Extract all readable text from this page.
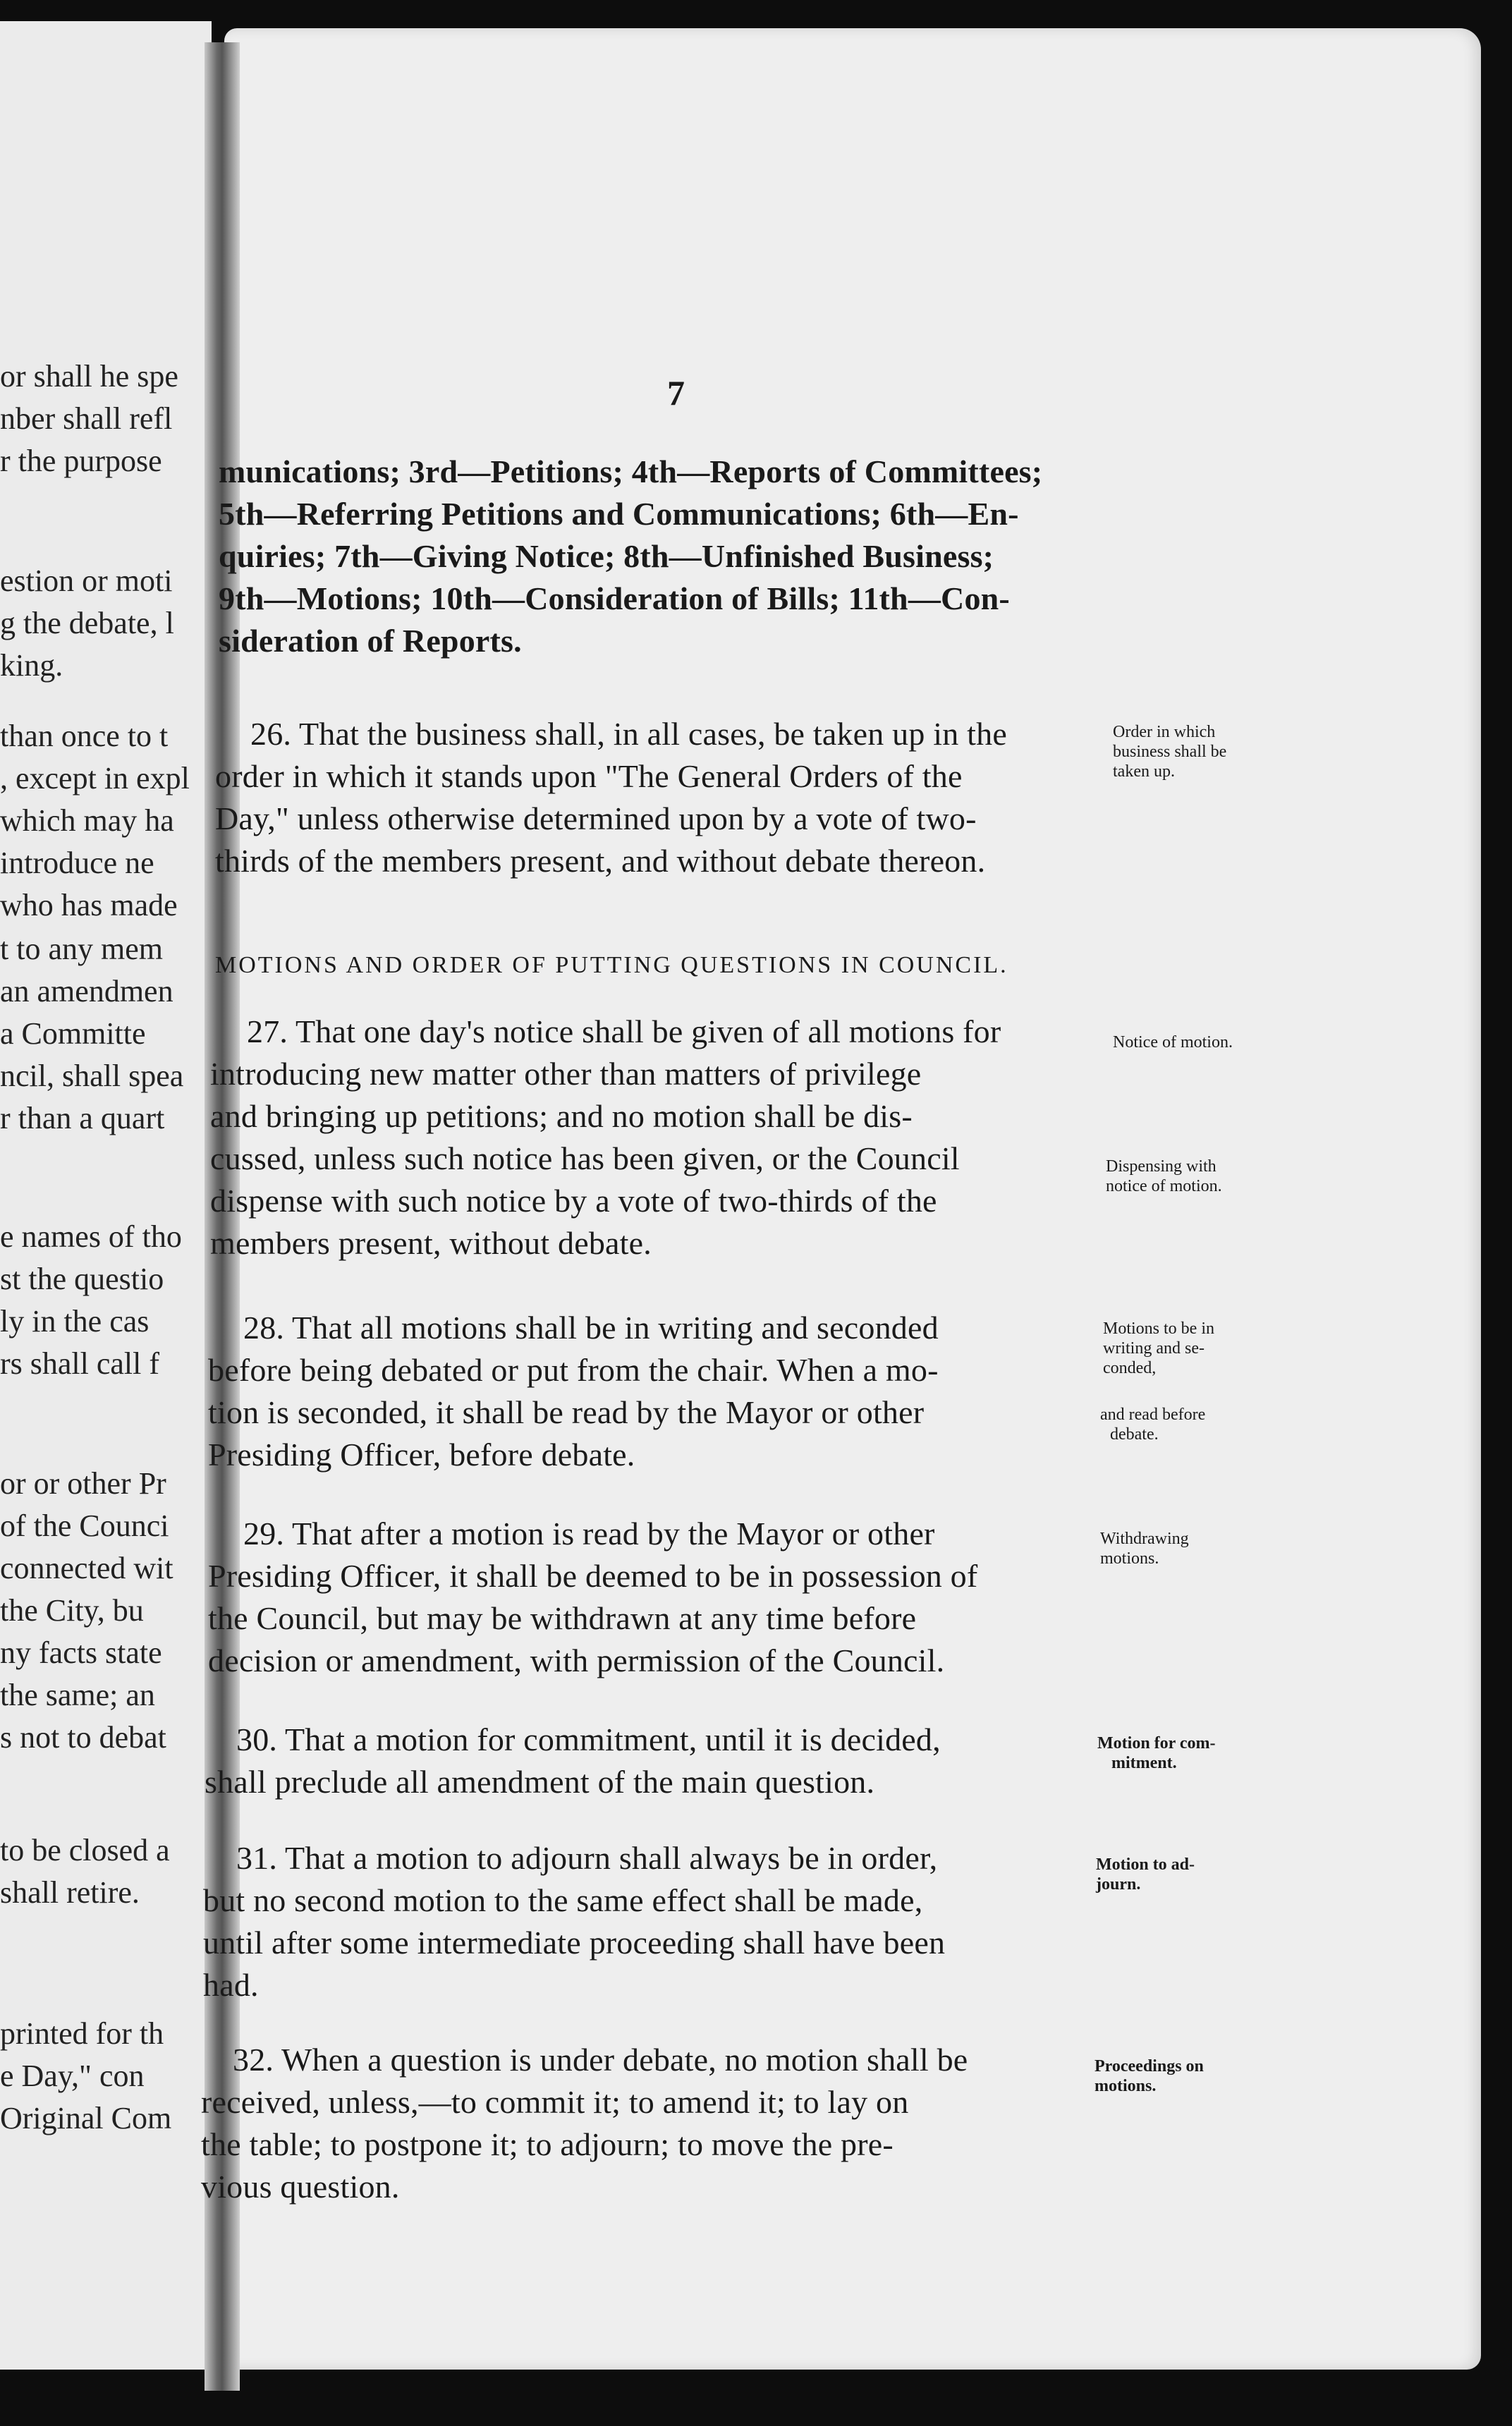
or shall he spe
nber shall refl
r the purpose
estion or moti
g the debate, l
king.
than once to t
, except in expl
which may ha
introduce ne
who has made
t to any mem
an amendmen
a Committe
ncil, shall spea
r than a quart
e names of tho
st the questio
ly in the cas
rs shall call f
or or other Pr
of the Counci
connected wit
the City, bu
ny facts state
the same; an
s not to debat
to be closed a
shall retire.
printed for th
e Day," con
Original Com
7
munications; 3rd—Petitions; 4th—Reports of Committees;
5th—Referring Petitions and Communications; 6th—En-
quiries; 7th—Giving Notice; 8th—Unfinished Business;
9th—Motions; 10th—Consideration of Bills; 11th—Con-
sideration of Reports.
26. That the business shall, in all cases, be taken up in the
order in which it stands upon "The General Orders of the
Day," unless otherwise determined upon by a vote of two-
thirds of the members present, and without debate thereon.
MOTIONS AND ORDER OF PUTTING QUESTIONS IN COUNCIL.
27. That one day's notice shall be given of all motions for
introducing new matter other than matters of privilege
and bringing up petitions; and no motion shall be dis-
cussed, unless such notice has been given, or the Council
dispense with such notice by a vote of two-thirds of the
members present, without debate.
28. That all motions shall be in writing and seconded
before being debated or put from the chair. When a mo-
tion is seconded, it shall be read by the Mayor or other
Presiding Officer, before debate.
29. That after a motion is read by the Mayor or other
Presiding Officer, it shall be deemed to be in possession of
the Council, but may be withdrawn at any time before
decision or amendment, with permission of the Council.
30. That a motion for commitment, until it is decided,
shall preclude all amendment of the main question.
31. That a motion to adjourn shall always be in order,
but no second motion to the same effect shall be made,
until after some intermediate proceeding shall have been
had.
32. When a question is under debate, no motion shall be
received, unless,—to commit it; to amend it; to lay on
the table; to postpone it; to adjourn; to move the pre-
vious question.
Order in which
business shall be
taken up.
Notice of motion.
Dispensing with
notice of motion.
Motions to be in
writing and se-
conded,
and read before
debate.
Withdrawing
motions.
Motion for com-
mitment.
Motion to ad-
journ.
Proceedings on
motions.
